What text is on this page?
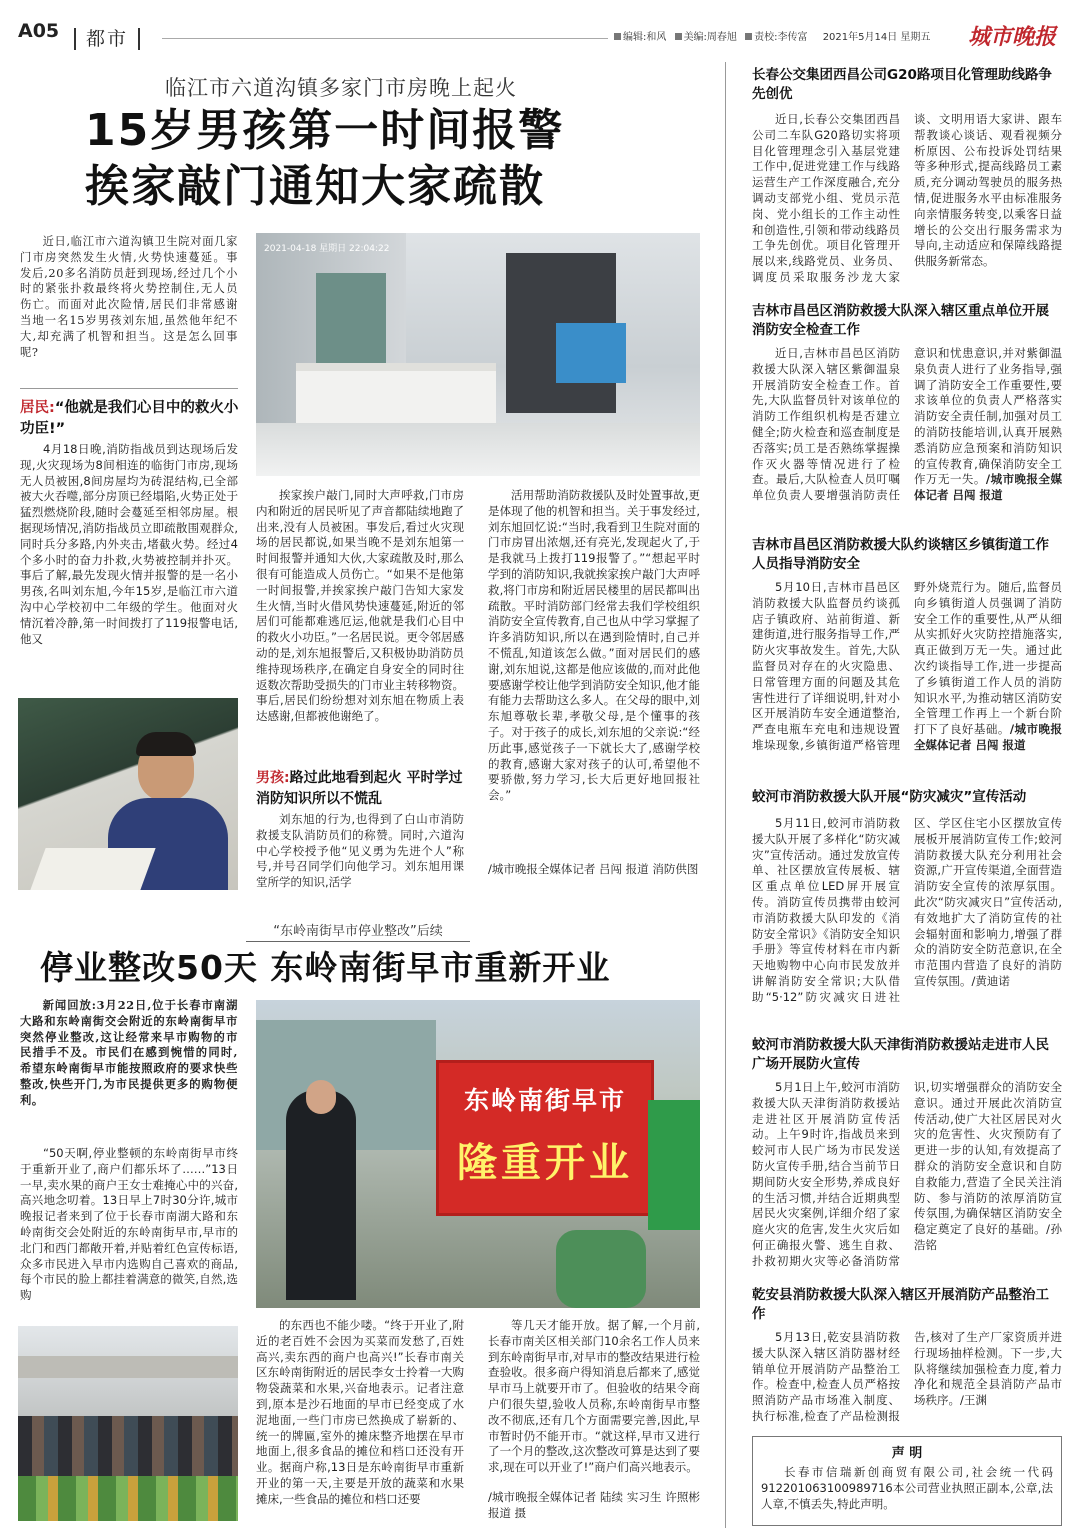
A05	都市	编辑:和风 美编:周春旭 责校:李传富 2021年5月14日 星期五 城市晚报
临江市六道沟镇多家门市房晚上起火
15岁男孩第一时间报警
挨家敲门通知大家疏散

近日,临江市六道沟镇卫生院对面几家门市房突然发生火情,火势快速蔓延。事发后,20多名消防员赶到现场,经过几个小时的紧张扑救最终将火势控制住,无人员伤亡。而面对此次险情,居民们非常感谢当地一名15岁男孩刘东旭,虽然他年纪不大,却充满了机智和担当。这是怎么回事呢?

居民:“他就是我们心目中的救火小功臣!”

4月18日晚,消防指战员到达现场后发现,火灾现场为8间相连的临街门市房,现场无人员被困,8间房屋均为砖混结构,已全部被大火吞噬,部分房顶已经塌陷,火势正处于猛烈燃烧阶段,随时会蔓延至相邻房屋。根据现场情况,消防指战员立即疏散围观群众,同时兵分多路,内外夹击,堵截火势。经过4个多小时的奋力扑救,火势被控制并扑灭。事后了解,最先发现火情并报警的是一名小男孩,名叫刘东旭,今年15岁,是临江市六道沟中心学校初中二年级的学生。他面对火情沉着冷静,第一时间拨打了119报警电话,他又

2021-04-18 星期日 22:04:22

挨家挨户敲门,同时大声呼救,门市房内和附近的居民听见了声音都陆续地跑了出来,没有人员被困。事发后,看过火灾现场的居民都说,如果当晚不是刘东旭第一时间报警并通知大伙,大家疏散及时,那么很有可能造成人员伤亡。“如果不是他第一时间报警,并挨家挨户敲门告知大家发生火情,当时火借风势快速蔓延,附近的邻居们可能都难逃厄运,他就是我们心目中的救火小功臣。”一名居民说。更令邻居感动的是,刘东旭报警后,又积极协助消防员维持现场秩序,在确定自身安全的同时往返数次帮助受损失的门市业主转移物资。事后,居民们纷纷想对刘东旭在物质上表达感谢,但都被他谢绝了。

男孩:路过此地看到起火 平时学过消防知识所以不慌乱

刘东旭的行为,也得到了白山市消防救援支队消防员们的称赞。同时,六道沟中心学校授予他“见义勇为先进个人”称号,并号召同学们向他学习。刘东旭用课堂所学的知识,活学

活用帮助消防救援队及时处置事故,更是体现了他的机智和担当。关于事发经过,刘东旭回忆说:“当时,我看到卫生院对面的门市房冒出浓烟,还有亮光,发现起火了,于是我就马上拨打119报警了。”“想起平时学到的消防知识,我就挨家挨户敲门大声呼救,将门市房和附近居民楼里的居民都叫出疏散。平时消防部门经常去我们学校组织消防安全宣传教育,自己也从中学习掌握了许多消防知识,所以在遇到险情时,自己并不慌乱,知道该怎么做。”面对居民们的感谢,刘东旭说,这都是他应该做的,而对此他要感谢学校让他学到消防安全知识,他才能有能力去帮助这么多人。在父母的眼中,刘东旭尊敬长辈,孝敬父母,是个懂事的孩子。对于孩子的成长,刘东旭的父亲说:“经历此事,感觉孩子一下就长大了,感谢学校的教育,感谢大家对孩子的认可,希望他不要骄傲,努力学习,长大后更好地回报社会。”

/城市晚报全媒体记者 吕闯 报道 消防供图
“东岭南街早市停业整改”后续
停业整改50天 东岭南街早市重新开业

新闻回放:3月22日,位于长春市南湖大路和东岭南街交会附近的东岭南街早市突然停业整改,这让经常来早市购物的市民措手不及。市民们在感到惋惜的同时,希望东岭南街早市能按照政府的要求快些整改,快些开门,为市民提供更多的购物便利。

“50天啊,停业整顿的东岭南街早市终于重新开业了,商户们都乐坏了……”13日一早,卖水果的商户王女士难掩心中的兴奋,高兴地念叨着。13日早上7时30分许,城市晚报记者来到了位于长春市南湖大路和东岭南街交会处附近的东岭南街早市,早市的北门和西门都敞开着,并贴着红色宣传标语,众多市民进入早市内选购自己喜欢的商品,每个市民的脸上都挂着满意的微笑,自然,选购

东岭南街早市
隆重开业

的东西也不能少喽。“终于开业了,附近的老百姓不会因为买菜而发愁了,百姓高兴,卖东西的商户也高兴!”长春市南关区东岭南街附近的居民李女士拎着一大购物袋蔬菜和水果,兴奋地表示。记者注意到,原本是沙石地面的早市已经变成了水泥地面,一些门市房已然换成了崭新的、统一的牌匾,室外的摊床整齐地摆在早市地面上,很多食品的摊位和档口还没有开业。据商户称,13日是东岭南街早市重新开业的第一天,主要是开放的蔬菜和水果摊床,一些食品的摊位和档口还要

等几天才能开放。据了解,一个月前,长春市南关区相关部门10余名工作人员来到东岭南街早市,对早市的整改结果进行检查验收。很多商户得知消息后都来了,感觉早市马上就要开市了。但验收的结果令商户们很失望,验收人员称,东岭南街早市整改不彻底,还有几个方面需要完善,因此,早市暂时仍不能开市。“就这样,早市又进行了一个月的整改,这次整改可算是达到了要求,现在可以开业了!”商户们高兴地表示。

/城市晚报全媒体记者 陆续 实习生 许照彬 报道 摄
长春公交集团西昌公司G20路项目化管理助线路争先创优

近日,长春公交集团西昌公司二车队G20路切实将项目化管理理念引入基层党建工作中,促进党建工作与线路运营生产工作深度融合,充分调动支部党小组、党员示范岗、党小组长的工作主动性和创造性,引领和带动线路员工争先创优。项目化管理开展以来,线路党员、业务员、调度员采取服务沙龙大家谈、文明用语大家讲、跟车帮教谈心谈话、观看视频分析原因、公布投诉处罚结果等多种形式,提高线路员工素质,充分调动驾驶员的服务热情,促进服务水平由标准服务向亲情服务转变,以乘客日益增长的公交出行服务需求为导向,主动适应和保障线路提供服务新常态。

吉林市昌邑区消防救援大队深入辖区重点单位开展消防安全检查工作

近日,吉林市昌邑区消防救援大队深入辖区紫御温泉开展消防安全检查工作。首先,大队监督员针对该单位的消防工作组织机构是否建立健全;防火检查和巡查制度是否落实;员工是否熟练掌握操作灭火器等情况进行了检查。最后,大队检查人员叮嘱单位负责人要增强消防责任意识和忧患意识,并对紫御温泉负责人进行了业务指导,强调了消防安全工作重要性,要求该单位的负责人严格落实消防安全责任制,加强对员工的消防技能培训,认真开展熟悉消防应急预案和消防知识的宣传教育,确保消防安全工作万无一失。/城市晚报全媒体记者 吕闯 报道

吉林市昌邑区消防救援大队约谈辖区乡镇街道工作人员指导消防安全

5月10日,吉林市昌邑区消防救援大队监督员约谈孤店子镇政府、站前街道、新建街道,进行服务指导工作,严防火灾事故发生。首先,大队监督员对存在的火灾隐患、日常管理方面的问题及其危害性进行了详细说明,针对小区开展消防车安全通道整治,严查电瓶车充电和违规设置堆垛现象,乡镇街道严格管理野外烧荒行为。随后,监督员向乡镇街道人员强调了消防安全工作的重要性,从严从细从实抓好火灾防控措施落实,真正做到万无一失。通过此次约谈指导工作,进一步提高了乡镇街道工作人员的消防知识水平,为推动辖区消防安全管理工作再上一个新台阶打下了良好基础。/城市晚报全媒体记者 吕闯 报道

蛟河市消防救援大队开展“防灾减灾”宣传活动

5月11日,蛟河市消防救援大队开展了多样化“防灾减灾”宣传活动。通过发放宣传单、社区摆放宣传展板、辖区重点单位LED屏开展宣传。消防宣传员携带由蛟河市消防救援大队印发的《消防安全常识》《消防安全知识手册》等宣传材料在市内新天地购物中心向市民发放并讲解消防安全常识;大队借助“5·12”防灾减灾日进社区、学区住宅小区摆放宣传展板开展消防宣传工作;蛟河消防救援大队充分利用社会资源,广开宣传渠道,全面营造消防安全宣传的浓厚氛围。此次“防灾减灾日”宣传活动,有效地扩大了消防宣传的社会辐射面和影响力,增强了群众的消防安全防范意识,在全市范围内营造了良好的消防宣传氛围。/黄迪诺

蛟河市消防救援大队天津街消防救援站走进市人民广场开展防火宣传

5月1日上午,蛟河市消防救援大队天津街消防救援站走进社区开展消防宣传活动。上午9时许,指战员来到蛟河市人民广场为市民发送防火宣传手册,结合当前节日期间防火安全形势,养成良好的生活习惯,并结合近期典型居民火灾案例,详细介绍了家庭火灾的危害,发生火灾后如何正确报火警、逃生自救、扑救初期火灾等必备消防常识,切实增强群众的消防安全意识。通过开展此次消防宣传活动,使广大社区居民对火灾的危害性、火灾预防有了更进一步的认知,有效提高了群众的消防安全意识和自防自救能力,营造了全民关注消防、参与消防的浓厚消防宣传氛围,为确保辖区消防安全稳定奠定了良好的基础。/孙浩铭

乾安县消防救援大队深入辖区开展消防产品整治工作

5月13日,乾安县消防救援大队深入辖区消防器材经销单位开展消防产品整治工作。检查中,检查人员严格按照消防产品市场准入制度、执行标准,检查了产品检测报告,核对了生产厂家资质并进行现场抽样检测。下一步,大队将继续加强检查力度,着力净化和规范全县消防产品市场秩序。/王渊

声 明

长春市信瑞新创商贸有限公司,社会统一代码912201063100989716本公司营业执照正副本,公章,法人章,不慎丢失,特此声明。
